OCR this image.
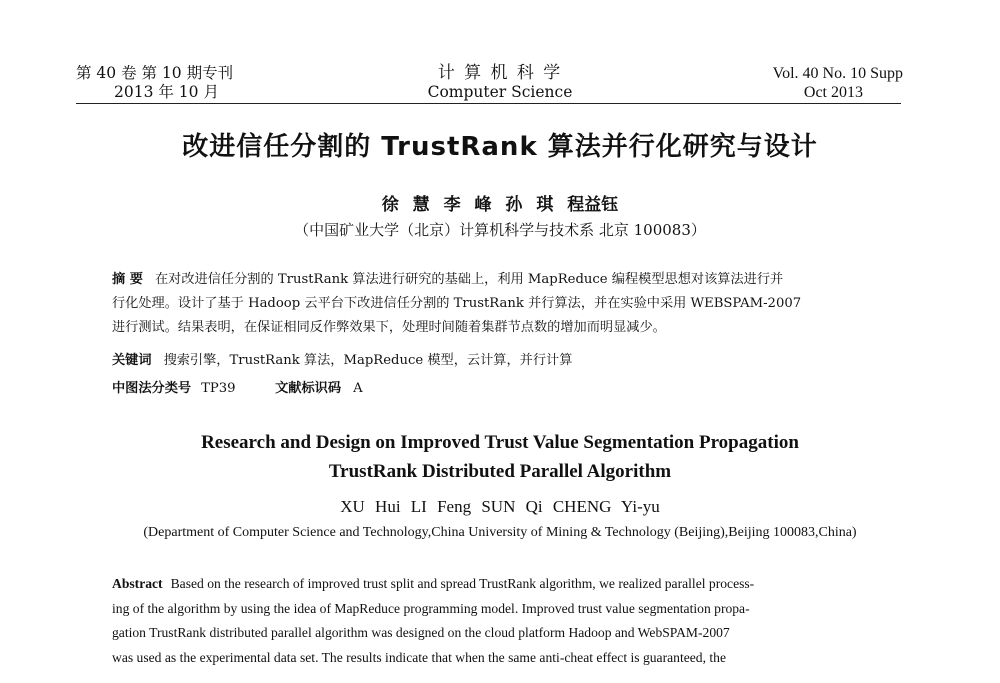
第 40 卷 第 10 期专刊
2013 年 10 月
计 算 机 科 学
Computer Science
Vol. 40 No. 10 Supp
Oct 2013
改进信任分割的 TrustRank 算法并行化研究与设计
徐 慧 李 峰 孙 琪 程益钰
（中国矿业大学（北京）计算机科学与技术系 北京 100083）
摘 要 在对改进信任分割的 TrustRank 算法进行研究的基础上，利用 MapReduce 编程模型思想对该算法进行并
行化处理。设计了基于 Hadoop 云平台下改进信任分割的 TrustRank 并行算法，并在实验中采用 WEBSPAM-2007
进行测试。结果表明，在保证相同反作弊效果下，处理时间随着集群节点数的增加而明显减少。
关键词 搜索引擎，TrustRank 算法，MapReduce 模型，云计算，并行计算
中图法分类号 TP39	文献标识码 A
Research and Design on Improved Trust Value Segmentation Propagation
TrustRank Distributed Parallel Algorithm
XU Hui LI Feng SUN Qi CHENG Yi-yu
(Department of Computer Science and Technology,China University of Mining & Technology (Beijing),Beijing 100083,China)
Abstract Based on the research of improved trust split and spread TrustRank algorithm, we realized parallel process-
ing of the algorithm by using the idea of MapReduce programming model. Improved trust value segmentation propa-
gation TrustRank distributed parallel algorithm was designed on the cloud platform Hadoop and WebSPAM-2007
was used as the experimental data set. The results indicate that when the same anti-cheat effect is guaranteed, the
